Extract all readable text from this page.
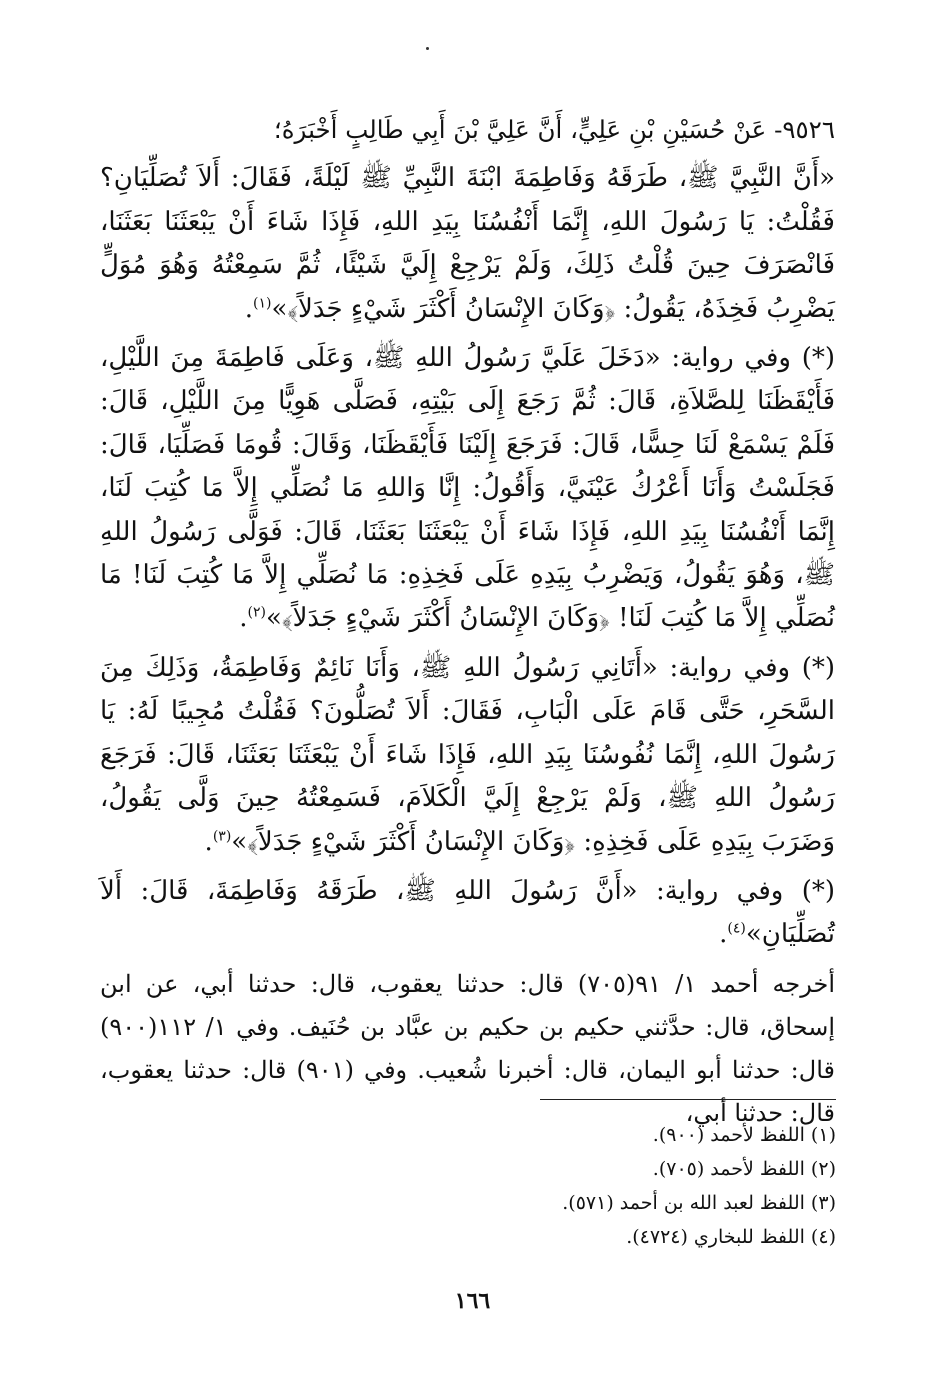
٩٥٢٦- عَنْ حُسَيْنِ بْنِ عَلِيٍّ، أَنَّ عَلِيَّ بْنَ أَبِي طَالِبٍ أَخْبَرَهُ؛

«أَنَّ النَّبِيَّ ﷺ، طَرَقَهُ وَفَاطِمَةَ ابْنَةَ النَّبِيِّ ﷺ لَيْلَةً، فَقَالَ: أَلاَ تُصَلِّيَانِ؟ فَقُلْتُ: يَا رَسُولَ اللهِ، إِنَّمَا أَنْفُسُنَا بِيَدِ اللهِ، فَإِذَا شَاءَ أَنْ يَبْعَثَنَا بَعَثَنَا، فَانْصَرَفَ حِينَ قُلْتُ ذَلِكَ، وَلَمْ يَرْجِعْ إِلَيَّ شَيْئًا، ثُمَّ سَمِعْتُهُ وَهُوَ مُوَلٍّ يَضْرِبُ فَخِذَهُ، يَقُولُ: ﴿وَكَانَ الإِنْسَانُ أَكْثَرَ شَيْءٍ جَدَلاً﴾»$^{(١)}$.

(*) وفي رواية: «دَخَلَ عَلَيَّ رَسُولُ اللهِ ﷺ، وَعَلَى فَاطِمَةَ مِنَ اللَّيْلِ، فَأَيْقَظَنَا لِلصَّلاَةِ، قَالَ: ثُمَّ رَجَعَ إِلَى بَيْتِهِ، فَصَلَّى هَوِيًّا مِنَ اللَّيْلِ، قَالَ: فَلَمْ يَسْمَعْ لَنَا حِسًّا، قَالَ: فَرَجَعَ إِلَيْنَا فَأَيْقَظَنَا، وَقَالَ: قُومَا فَصَلِّيَا، قَالَ: فَجَلَسْتُ وَأَنَا أَعْرُكُ عَيْنَيَّ، وَأَقُولُ: إِنَّا وَاللهِ مَا نُصَلِّي إِلاَّ مَا كُتِبَ لَنَا، إِنَّمَا أَنْفُسُنَا بِيَدِ اللهِ، فَإِذَا شَاءَ أَنْ يَبْعَثَنَا بَعَثَنَا، قَالَ: فَوَلَّى رَسُولُ اللهِ ﷺ، وَهُوَ يَقُولُ، وَيَضْرِبُ بِيَدِهِ عَلَى فَخِذِهِ: مَا نُصَلِّي إِلاَّ مَا كُتِبَ لَنَا! مَا نُصَلِّي إِلاَّ مَا كُتِبَ لَنَا! ﴿وَكَانَ الإِنْسَانُ أَكْثَرَ شَيْءٍ جَدَلاً﴾»$^{(٢)}$.

(*) وفي رواية: «أَتَانِي رَسُولُ اللهِ ﷺ، وَأَنَا نَائِمٌ وَفَاطِمَةُ، وَذَلِكَ مِنَ السَّحَرِ، حَتَّى قَامَ عَلَى الْبَابِ، فَقَالَ: أَلاَ تُصَلُّونَ؟ فَقُلْتُ مُجِيبًا لَهُ: يَا رَسُولَ اللهِ، إِنَّمَا نُفُوسُنَا بِيَدِ اللهِ، فَإِذَا شَاءَ أَنْ يَبْعَثَنَا بَعَثَنَا، قَالَ: فَرَجَعَ رَسُولُ اللهِ ﷺ، وَلَمْ يَرْجِعْ إِلَيَّ الْكَلاَمَ، فَسَمِعْتُهُ حِينَ وَلَّى يَقُولُ، وَضَرَبَ بِيَدِهِ عَلَى فَخِذِهِ: ﴿وَكَانَ الإِنْسَانُ أَكْثَرَ شَيْءٍ جَدَلاً﴾»$^{(٣)}$.

(*) وفي رواية: «أَنَّ رَسُولَ اللهِ ﷺ، طَرَقَهُ وَفَاطِمَةَ، قَالَ: أَلاَ تُصَلِّيَانِ»$^{(٤)}$.

أخرجه أحمد ١/ ٩١(٧٠٥) قال: حدثنا يعقوب، قال: حدثنا أبي، عن ابن إسحاق، قال: حدَّثني حكيم بن حكيم بن عبَّاد بن حُنَيف. وفي ١/ ١١٢(٩٠٠) قال: حدثنا أبو اليمان، قال: أخبرنا شُعيب. وفي (٩٠١) قال: حدثنا يعقوب، قال: حدثنا أبي،

(١) اللفظ لأحمد (٩٠٠).
(٢) اللفظ لأحمد (٧٠٥).
(٣) اللفظ لعبد الله بن أحمد (٥٧١).
(٤) اللفظ للبخاري (٤٧٢٤).
١٦٦
